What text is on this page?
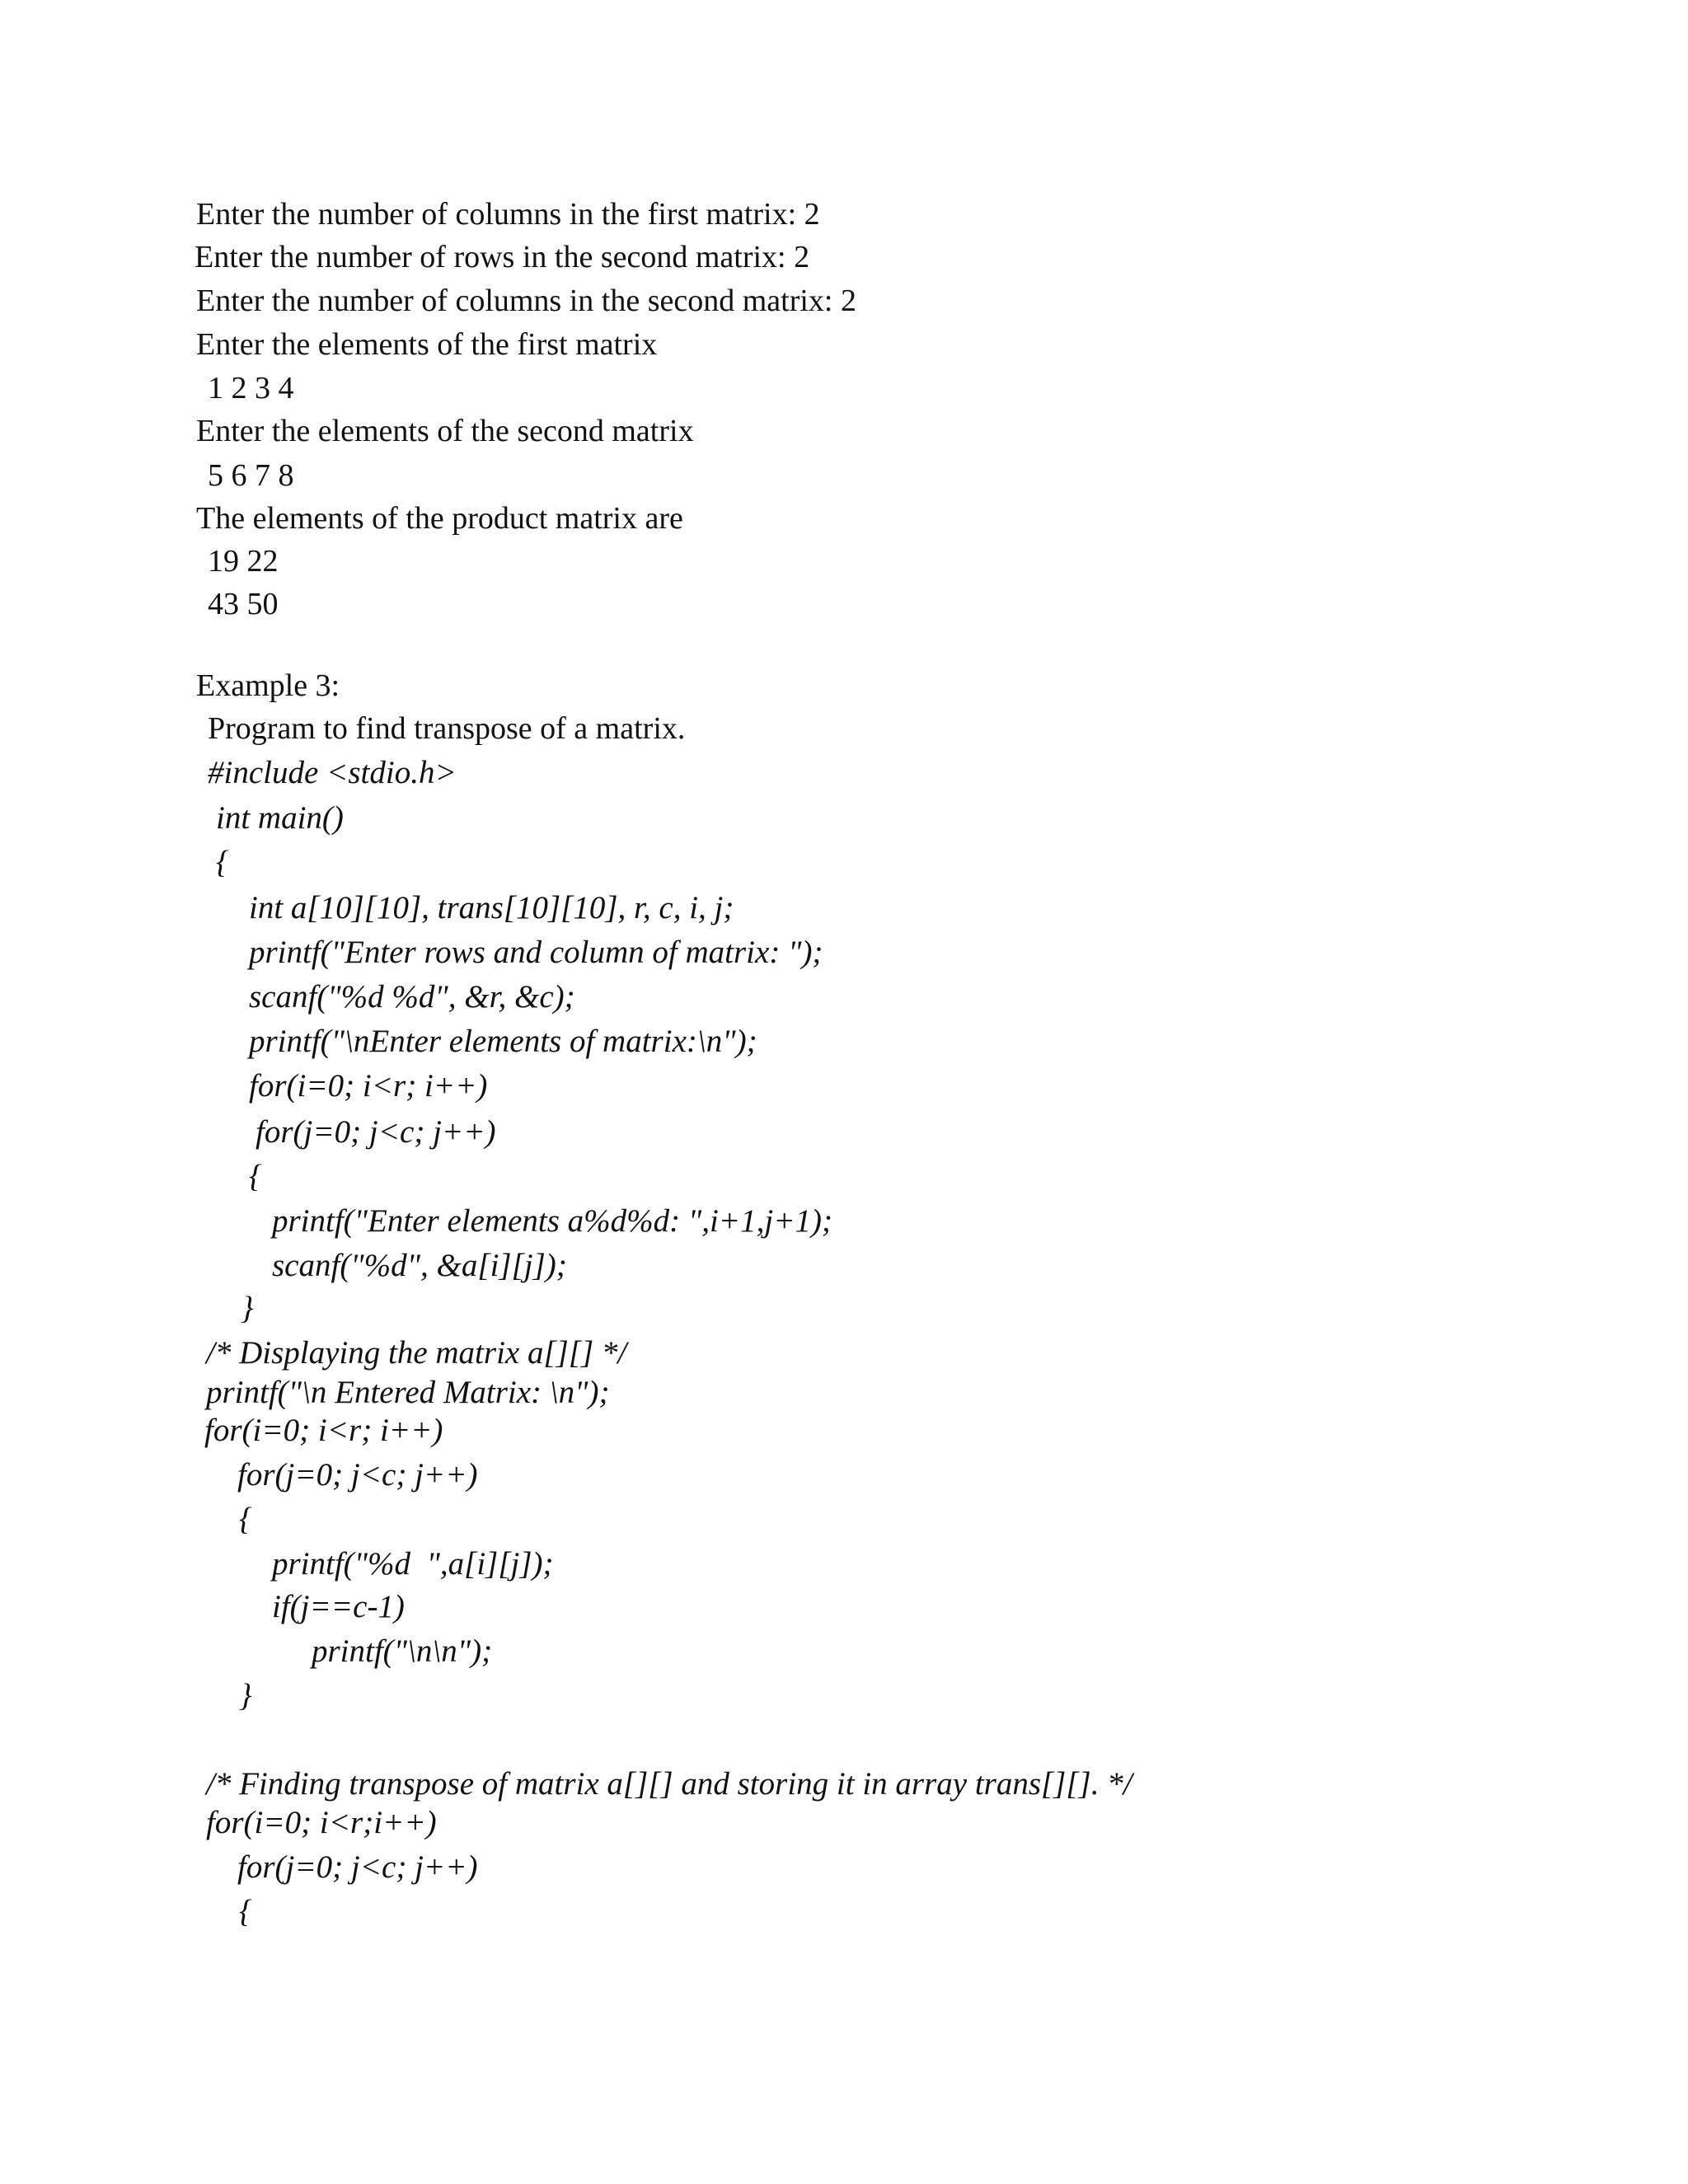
Enter the number of columns in the first matrix: 2
Enter the number of rows in the second matrix: 2
Enter the number of columns in the second matrix: 2
Enter the elements of the first matrix
1 2 3 4
Enter the elements of the second matrix
5 6 7 8
The elements of the product matrix are
19 22
43 50
Example 3:
Program to find transpose of a matrix.
#include <stdio.h>
int main()
{
int a[10][10], trans[10][10], r, c, i, j;
printf("Enter rows and column of matrix: ");
scanf("%d %d", &r, &c);
printf("\nEnter elements of matrix:\n");
for(i=0; i<r; i++)
for(j=0; j<c; j++)
{
printf("Enter elements a%d%d: ",i+1,j+1);
scanf("%d", &a[i][j]);
}
/* Displaying the matrix a[][] */
printf("\n Entered Matrix: \n");
for(i=0; i<r; i++)
for(j=0; j<c; j++)
{
printf("%d  ",a[i][j]);
if(j==c-1)
printf("\n\n");
}
/* Finding transpose of matrix a[][] and storing it in array trans[][]. */
for(i=0; i<r;i++)
for(j=0; j<c; j++)
{
